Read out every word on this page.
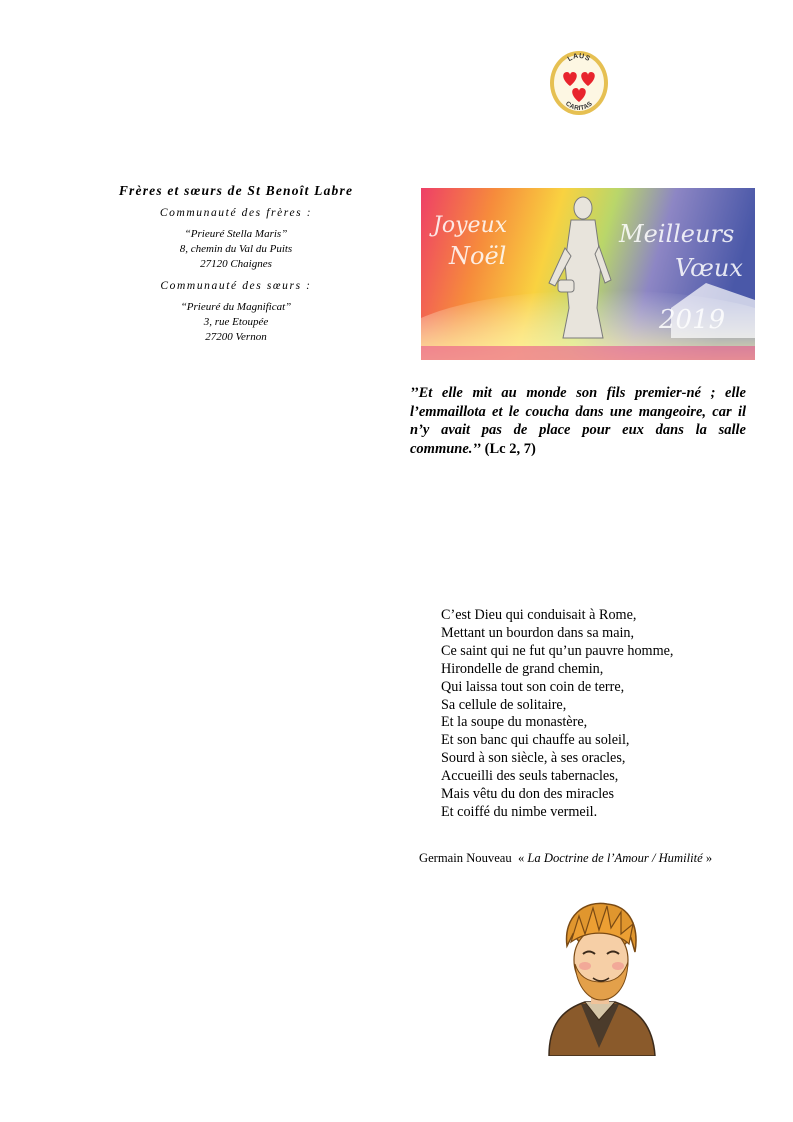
LAUS
CARITAS
Frères et sœurs de St Benoît Labre
Communauté des frères :
“Prieuré Stella Maris”
8, chemin du Val du Puits
27120 Chaignes
Communauté des sœurs :
“Prieuré du Magnificat”
3, rue Etoupée
27200 Vernon
Joyeux
Noël
Meilleurs
Vœux
2019
’’Et elle mit au monde son fils premier-né ; elle l’emmaillota et le coucha dans une mangeoire, car il n’y avait pas de place pour eux dans la salle commune.’’ (Lc 2, 7)
C’est Dieu qui conduisait à Rome,
Mettant un bourdon dans sa main,
Ce saint qui ne fut qu’un pauvre homme,
Hirondelle de grand chemin,
Qui laissa tout son coin de terre,
Sa cellule de solitaire,
Et la soupe du monastère,
Et son banc qui chauffe au soleil,
Sourd à son siècle, à ses oracles,
Accueilli des seuls tabernacles,
Mais vêtu du don des miracles
Et coiffé du nimbe vermeil.
Germain Nouveau « La Doctrine de l’Amour / Humilité »
